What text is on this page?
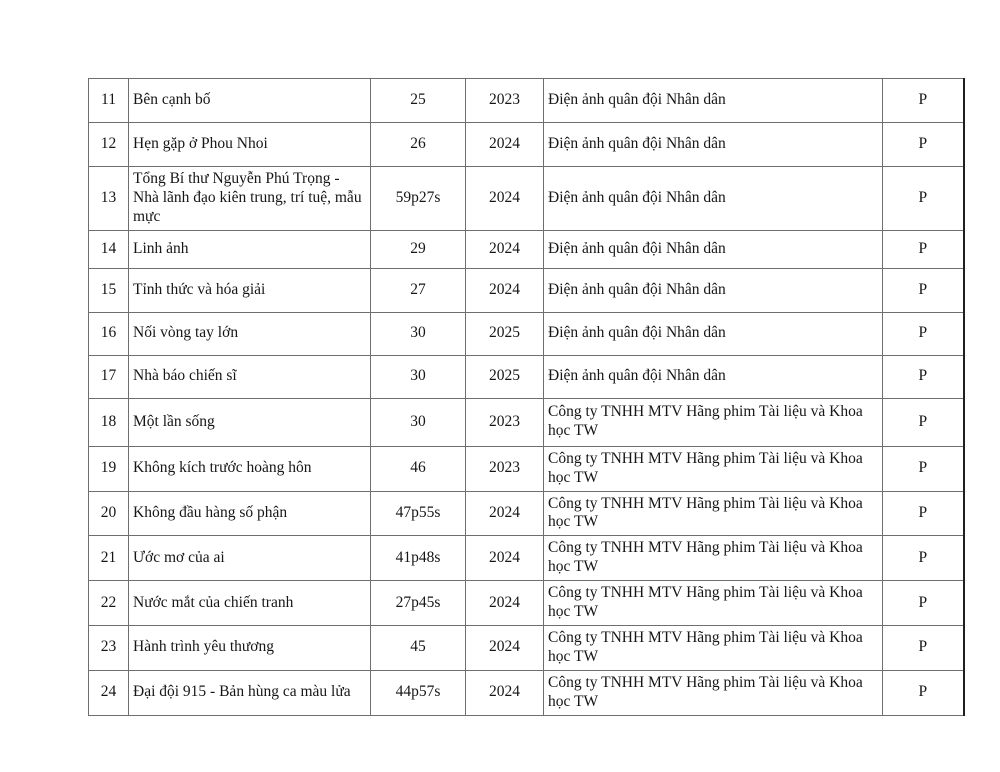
11	Bên cạnh bố	25	2023	Điện ảnh quân đội Nhân dân	P
12	Hẹn gặp ở Phou Nhoi	26	2024	Điện ảnh quân đội Nhân dân	P
13	Tổng Bí thư Nguyễn Phú Trọng - Nhà lãnh đạo kiên trung, trí tuệ, mẫu mực	59p27s	2024	Điện ảnh quân đội Nhân dân	P
14	Linh ảnh	29	2024	Điện ảnh quân đội Nhân dân	P
15	Tỉnh thức và hóa giải	27	2024	Điện ảnh quân đội Nhân dân	P
16	Nối vòng tay lớn	30	2025	Điện ảnh quân đội Nhân dân	P
17	Nhà báo chiến sĩ	30	2025	Điện ảnh quân đội Nhân dân	P
18	Một lần sống	30	2023	Công ty TNHH MTV Hãng phim Tài liệu và Khoa học TW	P
19	Không kích trước hoàng hôn	46	2023	Công ty TNHH MTV Hãng phim Tài liệu và Khoa học TW	P
20	Không đầu hàng số phận	47p55s	2024	Công ty TNHH MTV Hãng phim Tài liệu và Khoa học TW	P
21	Ước mơ của ai	41p48s	2024	Công ty TNHH MTV Hãng phim Tài liệu và Khoa học TW	P
22	Nước mắt của chiến tranh	27p45s	2024	Công ty TNHH MTV Hãng phim Tài liệu và Khoa học TW	P
23	Hành trình yêu thương	45	2024	Công ty TNHH MTV Hãng phim Tài liệu và Khoa học TW	P
24	Đại đội 915 - Bản hùng ca màu lửa	44p57s	2024	Công ty TNHH MTV Hãng phim Tài liệu và Khoa học TW	P
